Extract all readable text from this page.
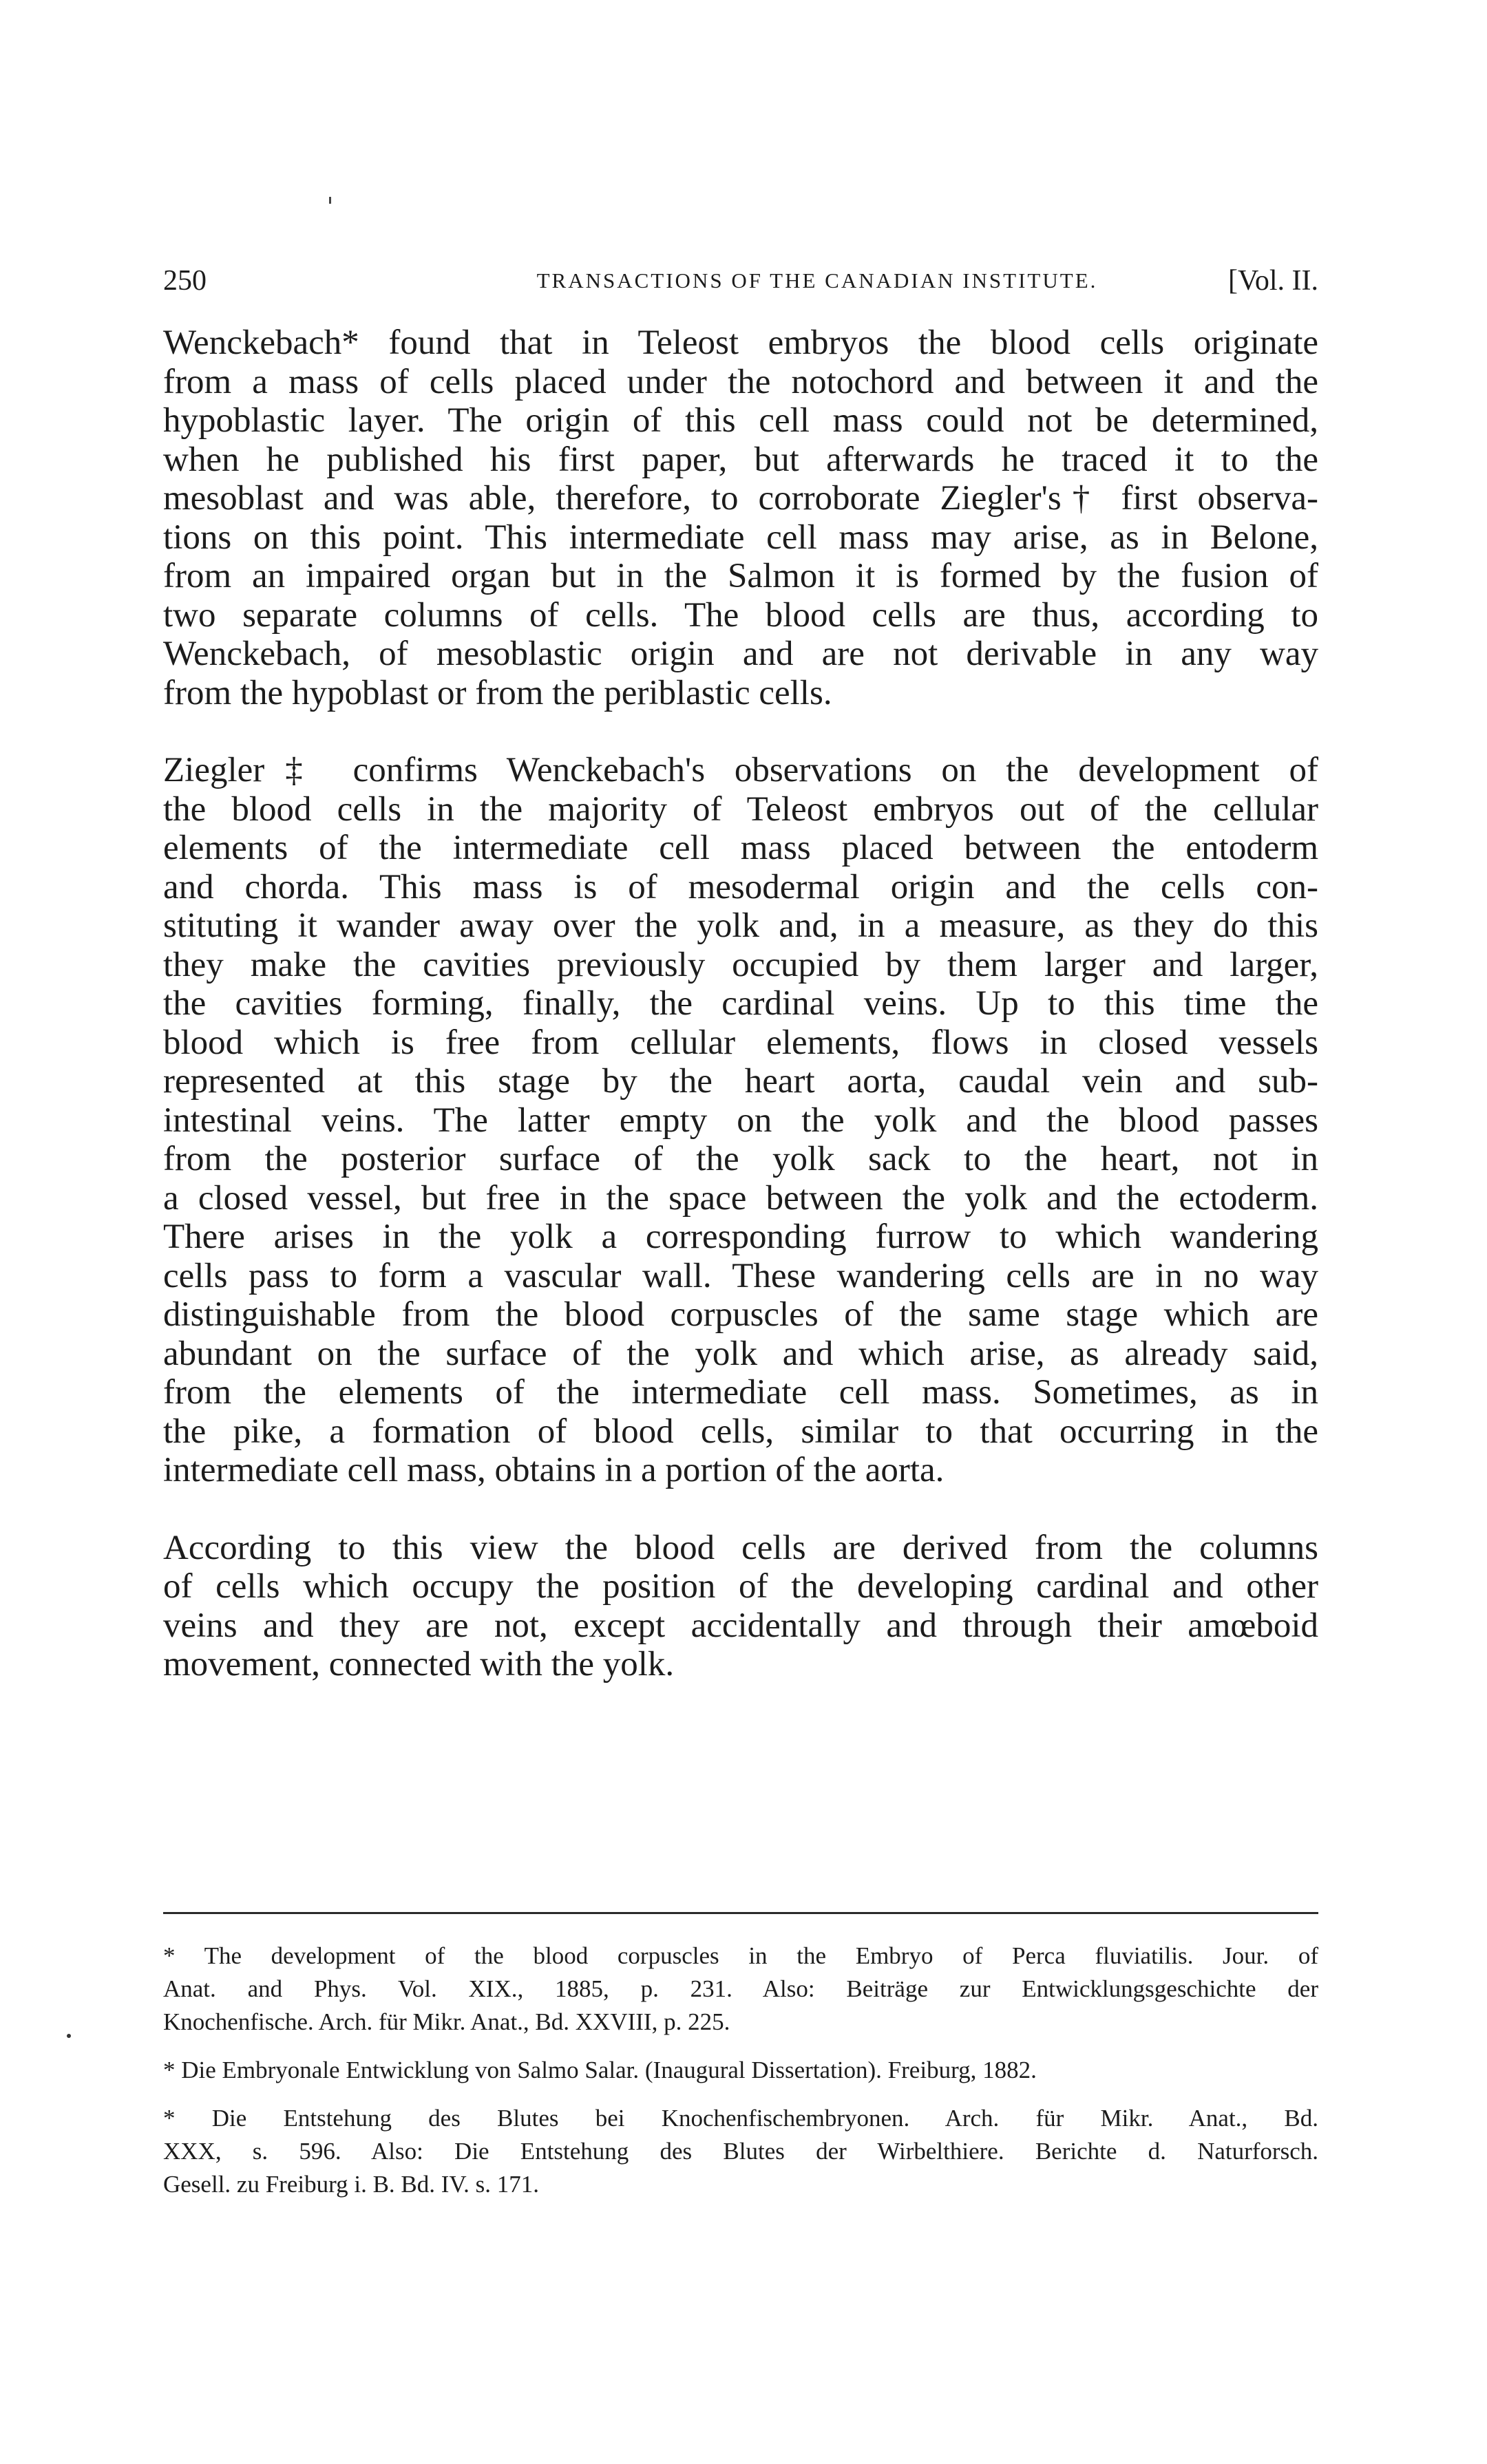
250	TRANSACTIONS OF THE CANADIAN INSTITUTE.	[Vol. II.
Wenckebach* found that in Teleost embryos the blood cells originate
from a mass of cells placed under the notochord and between it and the
hypoblastic layer. The origin of this cell mass could not be determined,
when he published his first paper, but afterwards he traced it to the
mesoblast and was able, therefore, to corroborate Ziegler's† first observa-
tions on this point. This intermediate cell mass may arise, as in Belone,
from an impaired organ but in the Salmon it is formed by the fusion of
two separate columns of cells. The blood cells are thus, according to
Wenckebach, of mesoblastic origin and are not derivable in any way
from the hypoblast or from the periblastic cells.
Ziegler‡ confirms Wenckebach's observations on the development of
the blood cells in the majority of Teleost embryos out of the cellular
elements of the intermediate cell mass placed between the entoderm
and chorda. This mass is of mesodermal origin and the cells con-
stituting it wander away over the yolk and, in a measure, as they do this
they make the cavities previously occupied by them larger and larger,
the cavities forming, finally, the cardinal veins. Up to this time the
blood which is free from cellular elements, flows in closed vessels
represented at this stage by the heart aorta, caudal vein and sub-
intestinal veins. The latter empty on the yolk and the blood passes
from the posterior surface of the yolk sack to the heart, not in
a closed vessel, but free in the space between the yolk and the ectoderm.
There arises in the yolk a corresponding furrow to which wandering
cells pass to form a vascular wall. These wandering cells are in no way
distinguishable from the blood corpuscles of the same stage which are
abundant on the surface of the yolk and which arise, as already said,
from the elements of the intermediate cell mass. Sometimes, as in
the pike, a formation of blood cells, similar to that occurring in the
intermediate cell mass, obtains in a portion of the aorta.
According to this view the blood cells are derived from the columns
of cells which occupy the position of the developing cardinal and other
veins and they are not, except accidentally and through their amœboid
movement, connected with the yolk.
* The development of the blood corpuscles in the Embryo of Perca fluviatilis. Jour. of
Anat. and Phys. Vol. XIX., 1885, p. 231. Also: Beiträge zur Entwicklungsgeschichte der
Knochenfische. Arch. für Mikr. Anat., Bd. XXVIII, p. 225.
* Die Embryonale Entwicklung von Salmo Salar. (Inaugural Dissertation). Freiburg, 1882.
* Die Entstehung des Blutes bei Knochenfischembryonen. Arch. für Mikr. Anat., Bd.
XXX, s. 596. Also: Die Entstehung des Blutes der Wirbelthiere. Berichte d. Naturforsch.
Gesell. zu Freiburg i. B. Bd. IV. s. 171.
